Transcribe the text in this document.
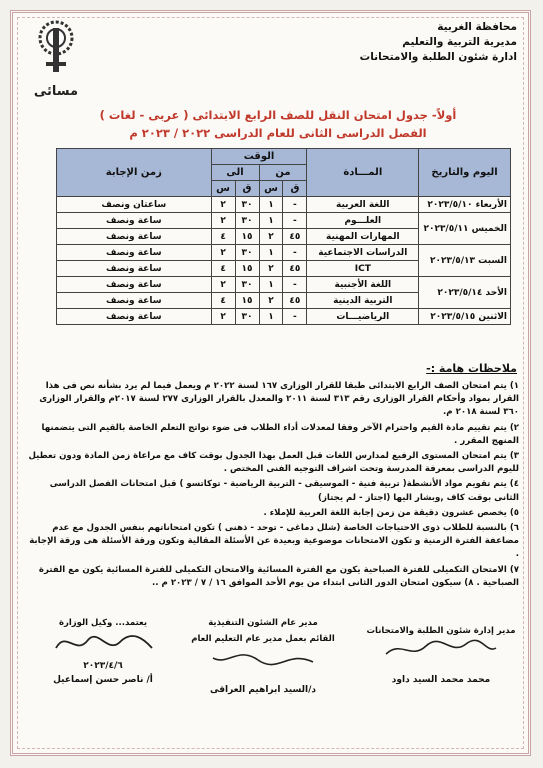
محافظة الغربية
مديرية التربية والتعليم
ادارة شئون الطلبة والامتحانات
مسائى
أولاً- جدول امتحان النقل للصف الرابع الابتدائى ( عربى - لغات )
الفصل الدراسى الثانى للعام الدراسى ٢٠٢٢ / ٢٠٢٣ م
اليوم والتاريخ	المـــادة	الوقت				زمن الإجابة
		من		الى		
		ق	س	ق	س	
الأربعاء ٢٠٢٣/٥/١٠	اللغة العربية	-	١	٣٠	٢	ساعتان ونصف
الخميس ٢٠٢٣/٥/١١	العلـــوم	-	١	٣٠	٢	ساعة ونصف
	المهارات المهنية	٤٥	٢	١٥	٤	ساعة ونصف
السبت ٢٠٢٣/٥/١٣	الدراسات الاجتماعية	-	١	٣٠	٢	ساعة ونصف
	ICT	٤٥	٢	١٥	٤	ساعة ونصف
الأحد ٢٠٢٣/٥/١٤	اللغة الأجنبية	-	١	٣٠	٢	ساعة ونصف
	التربية الدينية	٤٥	٢	١٥	٤	ساعة ونصف
الاثنين ٢٠٢٣/٥/١٥	الرياضيـــات	-	١	٣٠	٢	ساعة ونصف
ملاحظات هامة :-

١) يتم امتحان الصف الرابع الابتدائى طبقا للقرار الوزارى ١٦٧ لسنة ٢٠٢٢ م ويعمل فيما لم يرد بشأنه نص فى هذا القرار بمواد وأحكام القرار الوزارى رقم ٣١٣ لسنة ٢٠١١ والمعدل بالقرار الوزارى ٢٧٧ لسنة ٢٠١٧م والقرار الوزارى ٣٦٠ لسنة ٢٠١٨ م.

٢) يتم تقييم مادة القيم واحترام الآخر وفقا لمعدلات أداء الطلاب فى ضوء نواتج التعلم الخاصة بالقيم التى يتضمنها المنهج المقرر .

٣) يتم امتحان المستوى الرفيع لمدارس اللغات قبل العمل بهذا الجدول بوقت كاف مع مراعاة زمن المادة ودون تعطيل لليوم الدراسى بمعرفة المدرسة وتحت اشراف التوجيه الفنى المختص .

٤) يتم تقويم مواد الأنشطة( تربية فنية - الموسيقى - التربية الرياضية - توكاتسو ) قبل امتحانات الفصل الدراسى الثانى بوقت كاف ,وبشار اليها (اجتاز - لم يجتاز)

٥) يخصص عشرون دقيقة من زمن إجابة اللغة العربية للإملاء .

٦) بالنسبة للطلاب ذوى الاحتياجات الخاصة (شلل دماغى - توحد - ذهنى ) تكون امتحاناتهم بنفس الجدول مع عدم مضاعفة الفترة الزمنية و تكون الامتحانات موضوعية وبعيدة عن الأسئلة المقالية وتكون ورقة الأسئلة هى ورقة الإجابة .

٧) الامتحان التكميلى للفترة الصباحية يكون مع الفترة المسائية والامتحان التكميلى للفترة المسائية يكون مع الفترة الصباحية . ٨) سيكون امتحان الدور الثانى ابتداء من يوم الأحد الموافق ١٦ / ٧ / ٢٠٢٣ م ..

مدير إدارة شئون الطلبة والامتحانات
محمد محمد السيد داود
مدير عام الشئون التنفيذية
القائم بعمل مدير عام التعليم العام
د/السيد ابراهيم العراقى
يعتمد... وكيل الوزارة
٢٠٢٣/٤/٦
أ/ ناصر حسن إسماعيل
